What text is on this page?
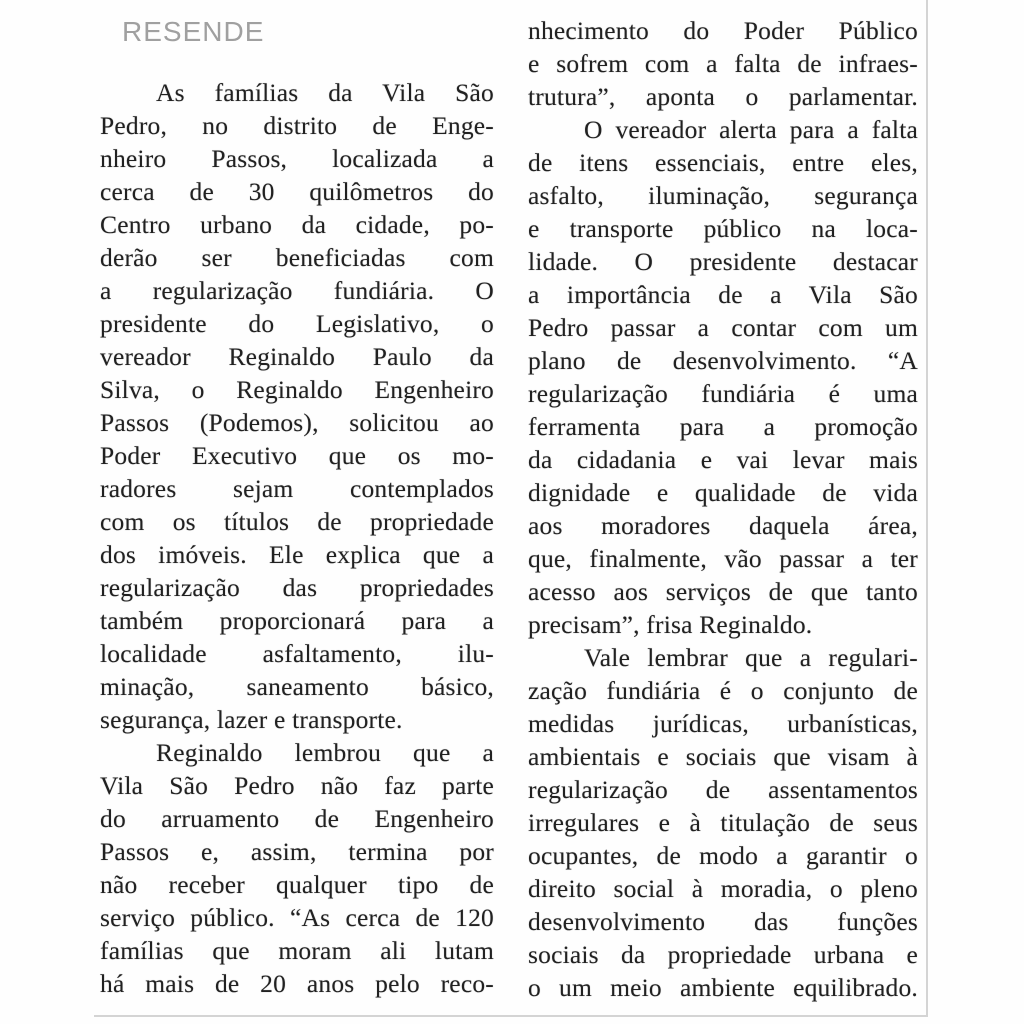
RESENDE
As famílias da Vila São
Pedro, no distrito de Enge-
nheiro Passos, localizada a
cerca de 30 quilômetros do
Centro urbano da cidade, po-
derão ser beneficiadas com
a regularização fundiária. O
presidente do Legislativo, o
vereador Reginaldo Paulo da
Silva, o Reginaldo Engenheiro
Passos (Podemos), solicitou ao
Poder Executivo que os mo-
radores sejam contemplados
com os títulos de propriedade
dos imóveis. Ele explica que a
regularização das propriedades
também proporcionará para a
localidade asfaltamento, ilu-
minação, saneamento básico,
segurança, lazer e transporte.
Reginaldo lembrou que a
Vila São Pedro não faz parte
do arruamento de Engenheiro
Passos e, assim, termina por
não receber qualquer tipo de
serviço público. “As cerca de 120
famílias que moram ali lutam
há mais de 20 anos pelo reco-
nhecimento do Poder Público
e sofrem com a falta de infraes-
trutura”, aponta o parlamentar.
O vereador alerta para a falta
de itens essenciais, entre eles,
asfalto, iluminação, segurança
e transporte público na loca-
lidade. O presidente destacar
a importância de a Vila São
Pedro passar a contar com um
plano de desenvolvimento. “A
regularização fundiária é uma
ferramenta para a promoção
da cidadania e vai levar mais
dignidade e qualidade de vida
aos moradores daquela área,
que, finalmente, vão passar a ter
acesso aos serviços de que tanto
precisam”, frisa Reginaldo.
Vale lembrar que a regulari-
zação fundiária é o conjunto de
medidas jurídicas, urbanísticas,
ambientais e sociais que visam à
regularização de assentamentos
irregulares e à titulação de seus
ocupantes, de modo a garantir o
direito social à moradia, o pleno
desenvolvimento das funções
sociais da propriedade urbana e
o um meio ambiente equilibrado.
